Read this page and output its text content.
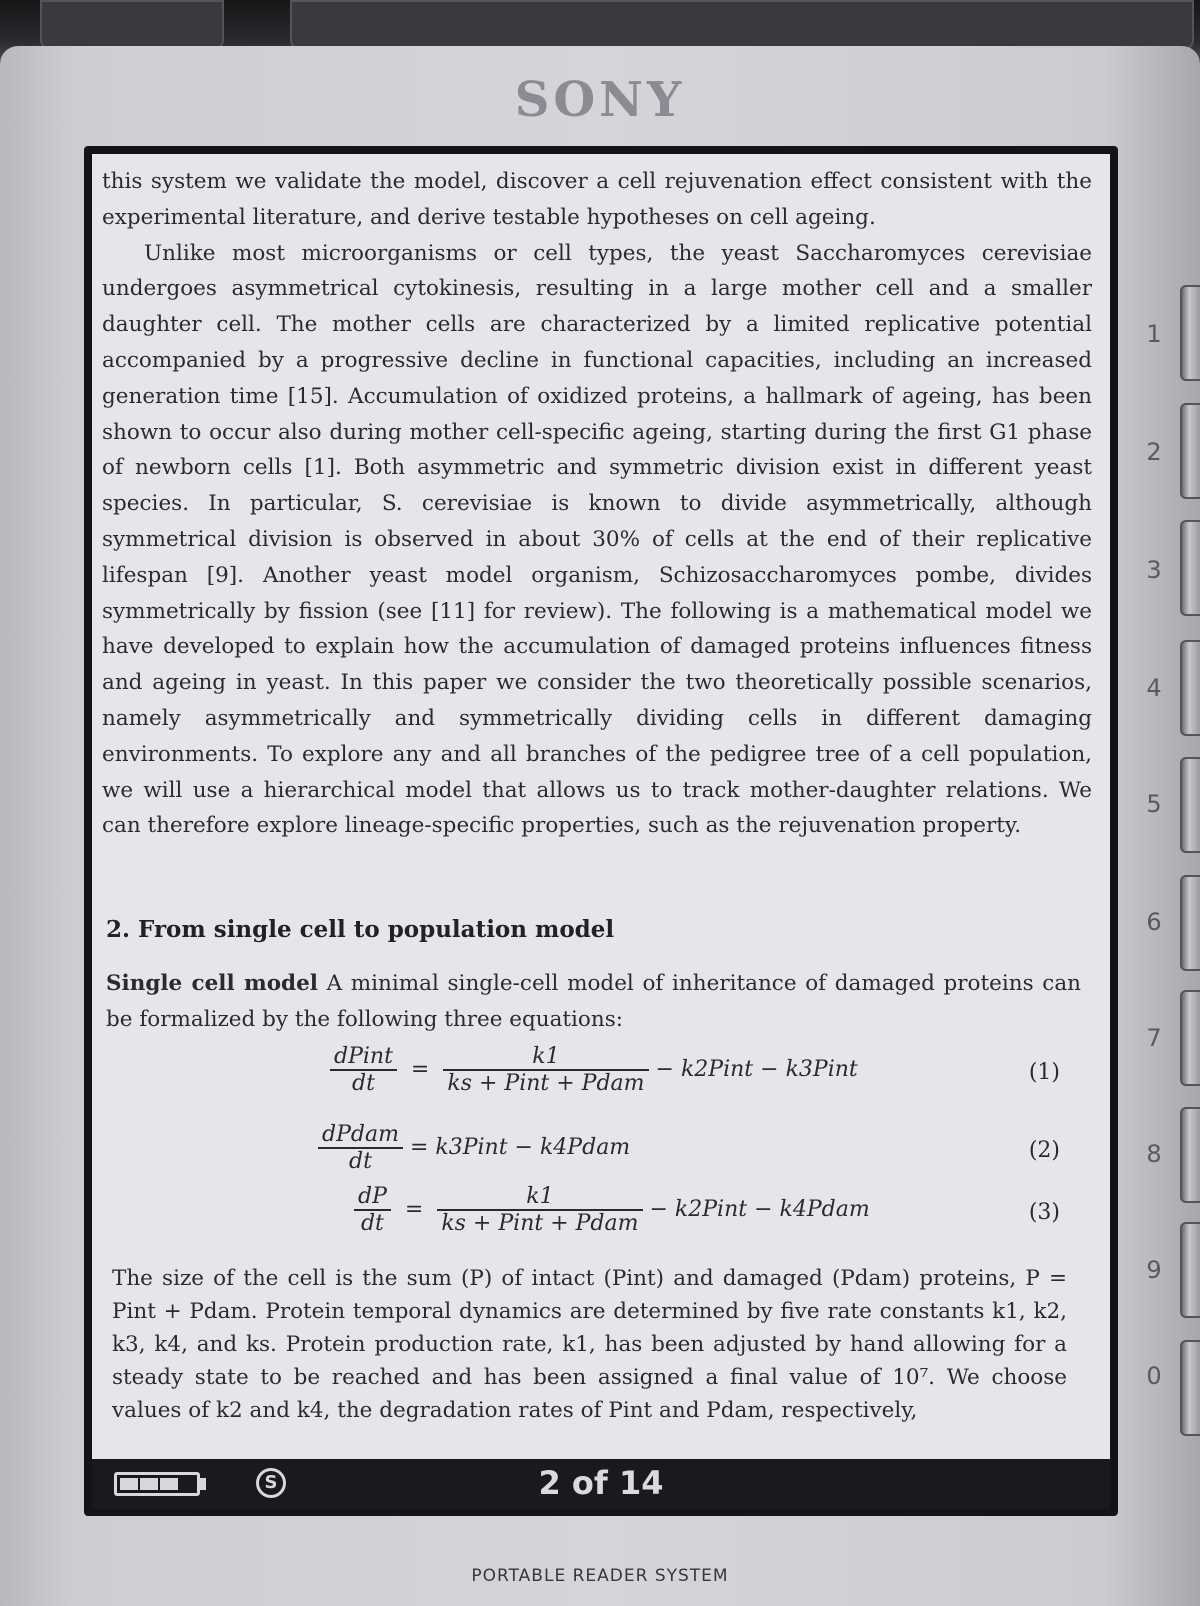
SONY

this system we validate the model, discover a cell rejuvenation effect consistent with the experimental literature, and derive testable hypotheses on cell ageing.

Unlike most microorganisms or cell types, the yeast Saccharomyces cerevisiae undergoes asymmetrical cytokinesis, resulting in a large mother cell and a smaller daughter cell. The mother cells are characterized by a limited replicative potential accompanied by a progressive decline in functional capacities, including an increased generation time [15]. Accumulation of oxidized proteins, a hallmark of ageing, has been shown to occur also during mother cell-specific ageing, starting during the first G1 phase of newborn cells [1]. Both asymmetric and symmetric division exist in different yeast species. In particular, S. cerevisiae is known to divide asymmetrically, although symmetrical division is observed in about 30% of cells at the end of their replicative lifespan [9]. Another yeast model organism, Schizosaccharomyces pombe, divides symmetrically by fission (see [11] for review). The following is a mathematical model we have developed to explain how the accumulation of damaged proteins influences fitness and ageing in yeast. In this paper we consider the two theoretically possible scenarios, namely asymmetrically and symmetrically dividing cells in different damaging environments. To explore any and all branches of the pedigree tree of a cell population, we will use a hierarchical model that allows us to track mother-daughter relations. We can therefore explore lineage-specific properties, such as the rejuvenation property.

2. From single cell to population model
Single cell model A minimal single-cell model of inheritance of damaged proteins can be formalized by the following three equations:
$\frac{\text{dPint}}{dt} = \frac{k1}{\text{ks + Pint + Pdam}}$ − k2Pint − k3Pint	(1)
$\frac{\text{dPdam}}{dt}$ = k3Pint − k4Pdam	(2)
$\frac{dP}{dt} = \frac{k1}{\text{ks + Pint + Pdam}}$ − k2Pint − k4Pdam	(3)
The size of the cell is the sum (P) of intact (Pint) and damaged (Pdam) proteins, P = Pint + Pdam. Protein temporal dynamics are determined by five rate constants k1, k2, k3, k4, and ks. Protein production rate, k1, has been adjusted by hand allowing for a steady state to be reached and has been assigned a final value of 10⁷. We choose values of k2 and k4, the degradation rates of Pint and Pdam, respectively,
S	2 of 14
1
2
3
4
5
6
7
8
9
0
PORTABLE READER SYSTEM
